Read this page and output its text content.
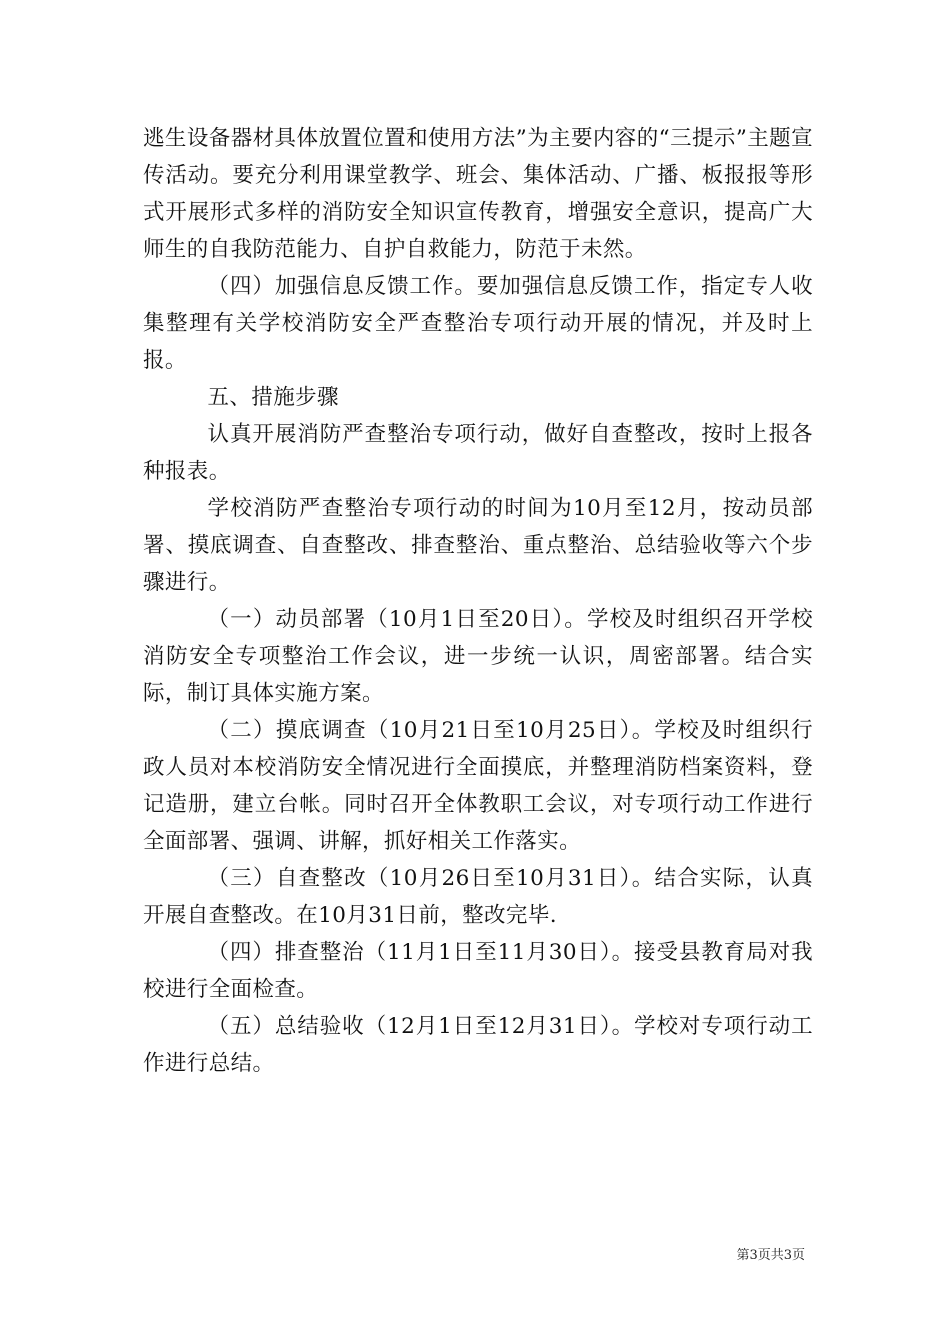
逃生设备器材具体放置位置和使用方法”为主要内容的“三提示”主题宣传活动。要充分利用课堂教学、班会、集体活动、广播、板报报等形式开展形式多样的消防安全知识宣传教育，增强安全意识，提高广大师生的自我防范能力、自护自救能力，防范于未然。

（四）加强信息反馈工作。要加强信息反馈工作，指定专人收集整理有关学校消防安全严查整治专项行动开展的情况，并及时上报。

五、措施步骤

认真开展消防严查整治专项行动，做好自查整改，按时上报各种报表。

学校消防严查整治专项行动的时间为10月至12月，按动员部署、摸底调查、自查整改、排查整治、重点整治、总结验收等六个步骤进行。

（一）动员部署（10月1日至20日）。学校及时组织召开学校消防安全专项整治工作会议，进一步统一认识，周密部署。结合实际，制订具体实施方案。

（二）摸底调查（10月21日至10月25日）。学校及时组织行政人员对本校消防安全情况进行全面摸底，并整理消防档案资料，登记造册，建立台帐。同时召开全体教职工会议，对专项行动工作进行全面部署、强调、讲解，抓好相关工作落实。

（三）自查整改（10月26日至10月31日）。结合实际，认真开展自查整改。在10月31日前，整改完毕.

（四）排查整治（11月1日至11月30日）。接受县教育局对我校进行全面检查。

（五）总结验收（12月1日至12月31日）。学校对专项行动工作进行总结。

第3页共3页
